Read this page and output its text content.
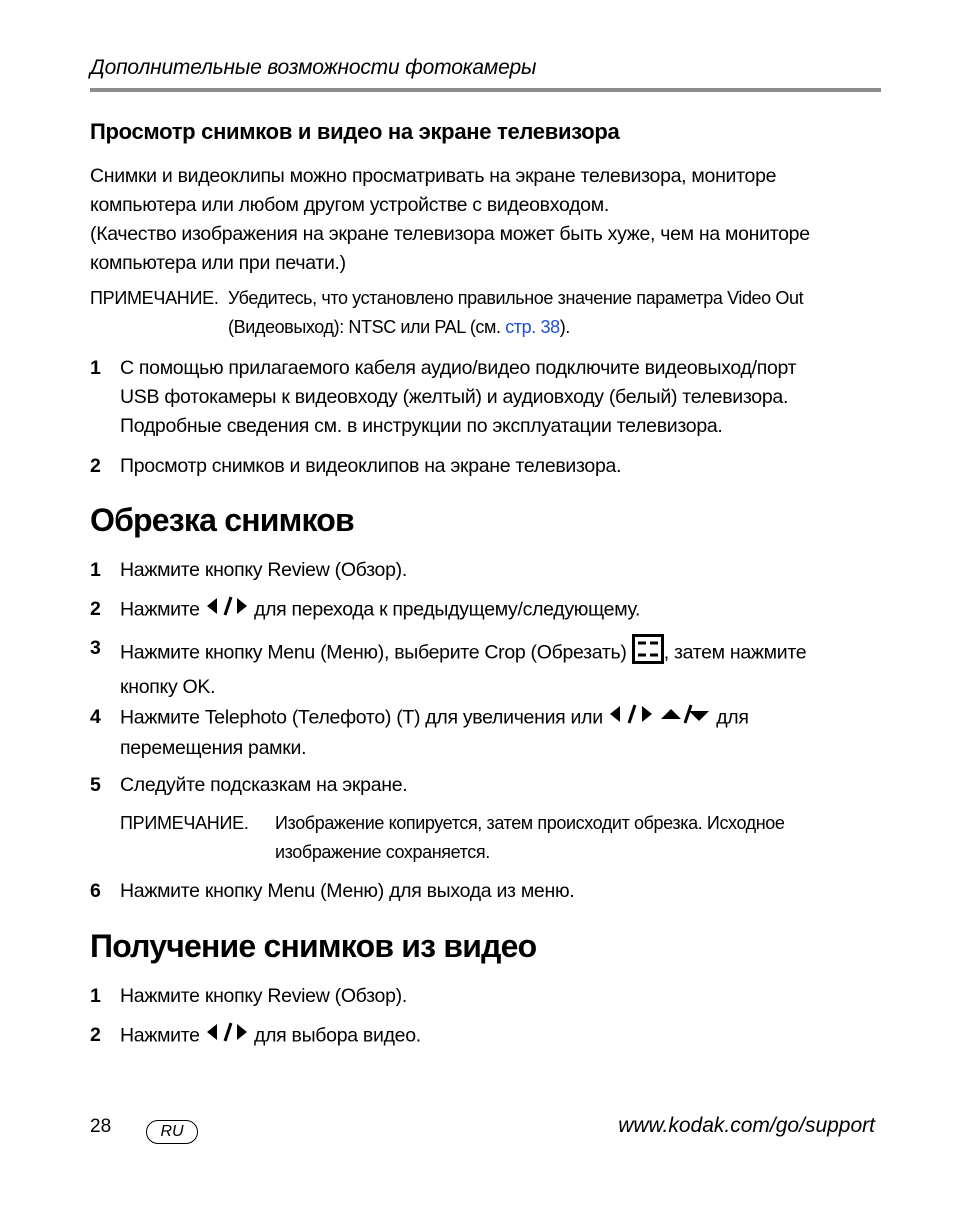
Дополнительные возможности фотокамеры
Просмотр снимков и видео на экране телевизора
Снимки и видеоклипы можно просматривать на экране телевизора, мониторе
компьютера или любом другом устройстве с видеовходом.
(Качество изображения на экране телевизора может быть хуже, чем на мониторе
компьютера или при печати.)
ПРИМЕЧАНИЕ. Убедитесь, что установлено правильное значение параметра Video Out
(Видеовыход): NTSC или PAL (см. стр. 38).
1 С помощью прилагаемого кабеля аудио/видео подключите видеовыход/порт
USB фотокамеры к видеовходу (желтый) и аудиовходу (белый) телевизора.
Подробные сведения см. в инструкции по эксплуатации телевизора.
2 Просмотр снимков и видеоклипов на экране телевизора.
Обрезка снимков
1 Нажмите кнопку Review (Обзор).
2 Нажмите	для перехода к предыдущему/следующему.
3 Нажмите кнопку Menu (Меню), выберите Crop (Обрезать) , затем нажмите
кнопку OK.
4 Нажмите Telephoto (Телефото) (T) для увеличения или	для
перемещения рамки.
5 Следуйте подсказкам на экране.
ПРИМЕЧАНИЕ. Изображение копируется, затем происходит обрезка. Исходное
изображение сохраняется.
6 Нажмите кнопку Menu (Меню) для выхода из меню.
Получение снимков из видео
1 Нажмите кнопку Review (Обзор).
2 Нажмите	для выбора видео.
28	RU	www.kodak.com/go/support
